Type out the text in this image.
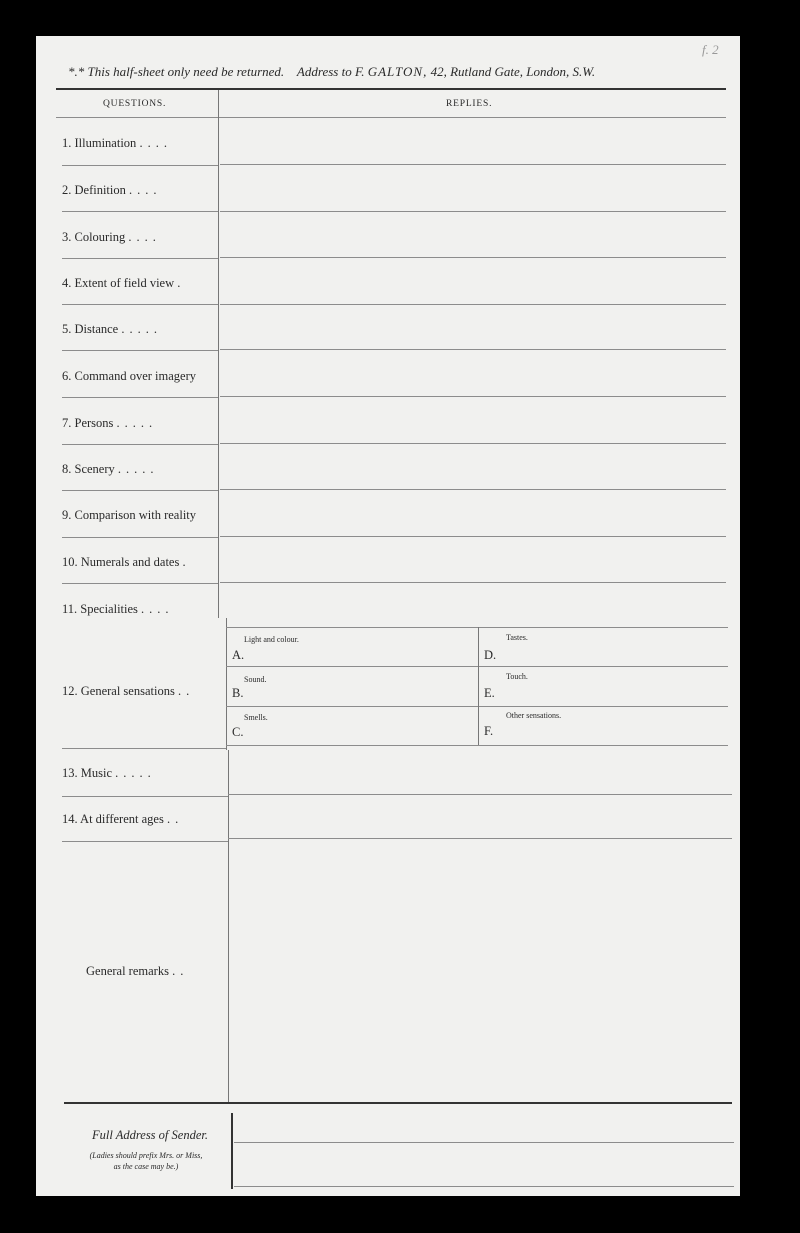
f. 2
*.* This half-sheet only need be returned. Address to F. GALTON, 42, Rutland Gate, London, S.W.
QUESTIONS.	REPLIES.
1. Illumination ....
2. Definition ....
3. Colouring ....
4. Extent of field view .
5. Distance .....
6. Command over imagery
7. Persons .....
8. Scenery .....
9. Comparison with reality
10. Numerals and dates .
11. Specialities ....
12. General sensations ..
13. Music .....
14. At different ages ..
General remarks ..
Light and colour.
A.
Tastes.
D.
Sound.
B.
Touch.
E.
Smells.
C.
Other sensations.
F.
Full Address of Sender.
(Ladies should prefix Mrs. or Miss,
as the case may be.)
